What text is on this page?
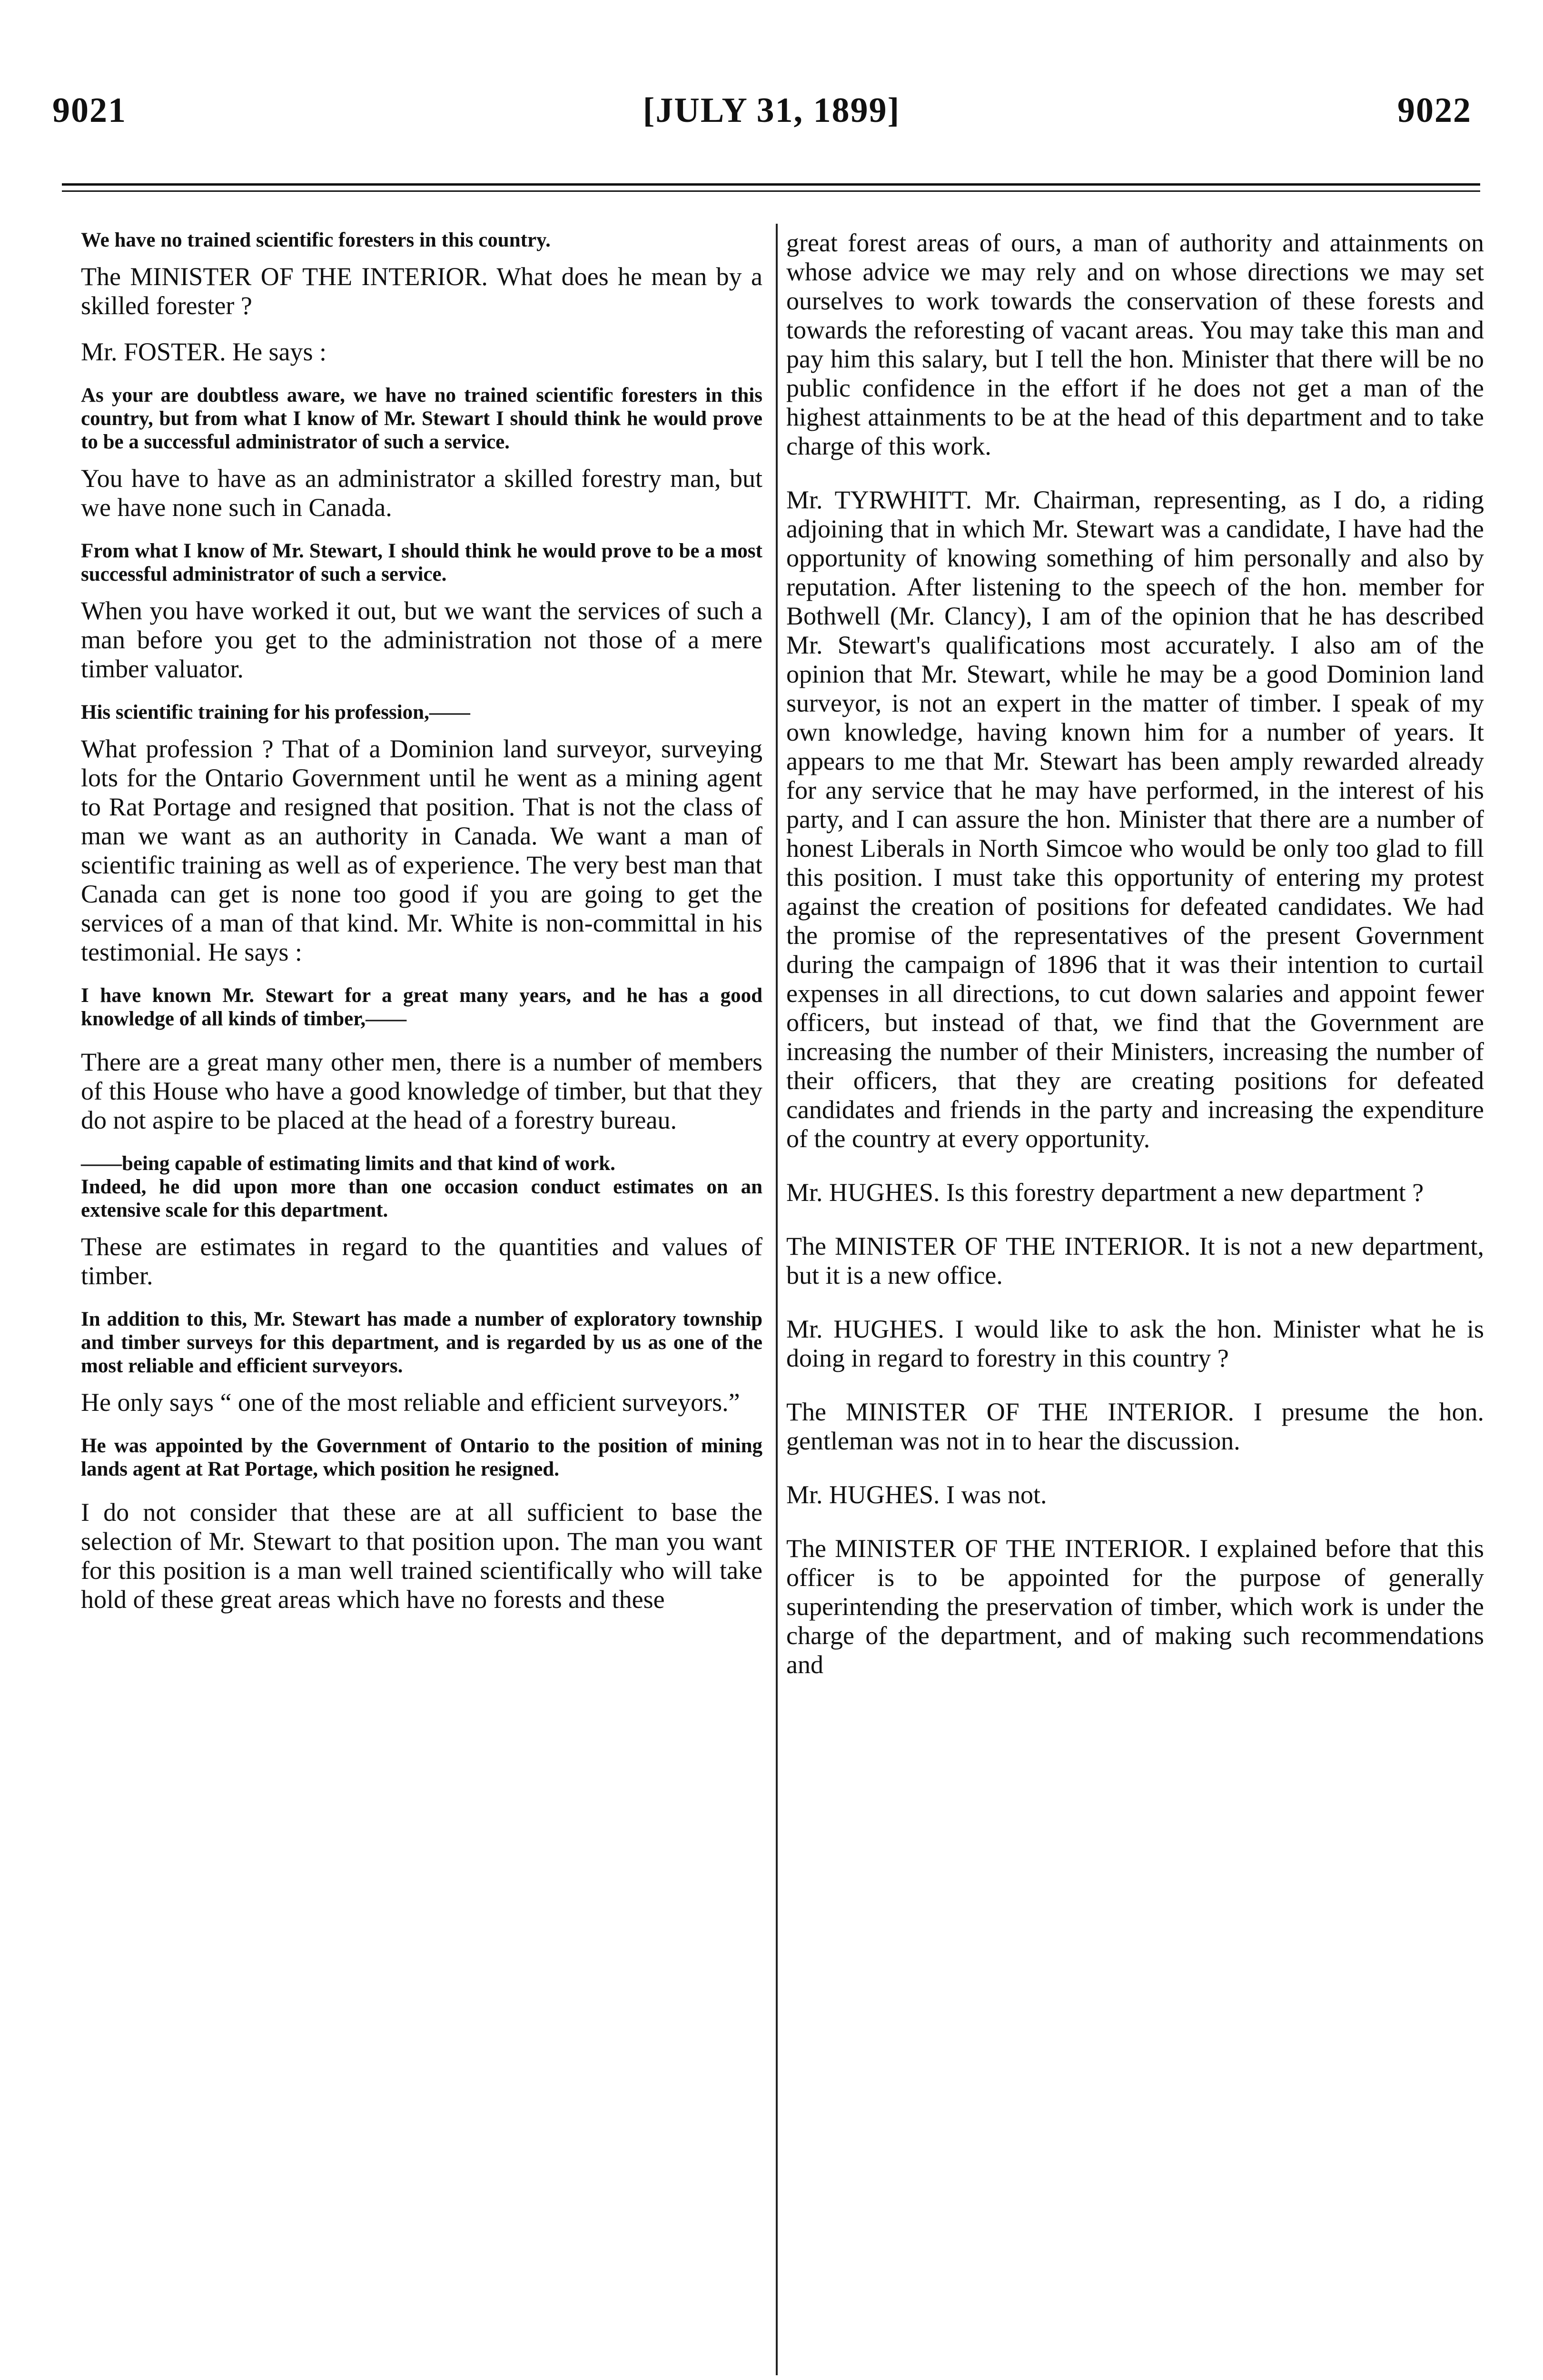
9021	[JULY 31, 1899]	9022

We have no trained scientific foresters in this country.

The MINISTER OF THE INTERIOR. What does he mean by a skilled forester ?

Mr. FOSTER. He says :

As your are doubtless aware, we have no trained scientific foresters in this country, but from what I know of Mr. Stewart I should think he would prove to be a successful administrator of such a service.

You have to have as an administrator a skilled forestry man, but we have none such in Canada.

From what I know of Mr. Stewart, I should think he would prove to be a most successful administrator of such a service.

When you have worked it out, but we want the services of such a man before you get to the administration not those of a mere timber valuator.

His scientific training for his profession,——

What profession ? That of a Dominion land surveyor, surveying lots for the Ontario Government until he went as a mining agent to Rat Portage and resigned that position. That is not the class of man we want as an authority in Canada. We want a man of scientific training as well as of experience. The very best man that Canada can get is none too good if you are going to get the services of a man of that kind. Mr. White is non-committal in his testimonial. He says :

I have known Mr. Stewart for a great many years, and he has a good knowledge of all kinds of timber,——

There are a great many other men, there is a number of members of this House who have a good knowledge of timber, but that they do not aspire to be placed at the head of a forestry bureau.

——being capable of estimating limits and that kind of work.

Indeed, he did upon more than one occasion conduct estimates on an extensive scale for this department.

These are estimates in regard to the quantities and values of timber.

In addition to this, Mr. Stewart has made a number of exploratory township and timber surveys for this department, and is regarded by us as one of the most reliable and efficient surveyors.

He only says “ one of the most reliable and efficient surveyors.”

He was appointed by the Government of Ontario to the position of mining lands agent at Rat Portage, which position he resigned.

I do not consider that these are at all sufficient to base the selection of Mr. Stewart to that position upon. The man you want for this position is a man well trained scientifically who will take hold of these great areas which have no forests and these

great forest areas of ours, a man of authority and attainments on whose advice we may rely and on whose directions we may set ourselves to work towards the conservation of these forests and towards the reforesting of vacant areas. You may take this man and pay him this salary, but I tell the hon. Minister that there will be no public confidence in the effort if he does not get a man of the highest attainments to be at the head of this department and to take charge of this work.

Mr. TYRWHITT. Mr. Chairman, representing, as I do, a riding adjoining that in which Mr. Stewart was a candidate, I have had the opportunity of knowing something of him personally and also by reputation. After listening to the speech of the hon. member for Bothwell (Mr. Clancy), I am of the opinion that he has described Mr. Stewart's qualifications most accurately. I also am of the opinion that Mr. Stewart, while he may be a good Dominion land surveyor, is not an expert in the matter of timber. I speak of my own knowledge, having known him for a number of years. It appears to me that Mr. Stewart has been amply rewarded already for any service that he may have performed, in the interest of his party, and I can assure the hon. Minister that there are a number of honest Liberals in North Simcoe who would be only too glad to fill this position. I must take this opportunity of entering my protest against the creation of positions for defeated candidates. We had the promise of the representatives of the present Government during the campaign of 1896 that it was their intention to curtail expenses in all directions, to cut down salaries and appoint fewer officers, but instead of that, we find that the Government are increasing the number of their Ministers, increasing the number of their officers, that they are creating positions for defeated candidates and friends in the party and increasing the expenditure of the country at every opportunity.

Mr. HUGHES. Is this forestry department a new department ?

The MINISTER OF THE INTERIOR. It is not a new department, but it is a new office.

Mr. HUGHES. I would like to ask the hon. Minister what he is doing in regard to forestry in this country ?

The MINISTER OF THE INTERIOR. I presume the hon. gentleman was not in to hear the discussion.

Mr. HUGHES. I was not.

The MINISTER OF THE INTERIOR. I explained before that this officer is to be appointed for the purpose of generally superintending the preservation of timber, which work is under the charge of the department, and of making such recommendations and
